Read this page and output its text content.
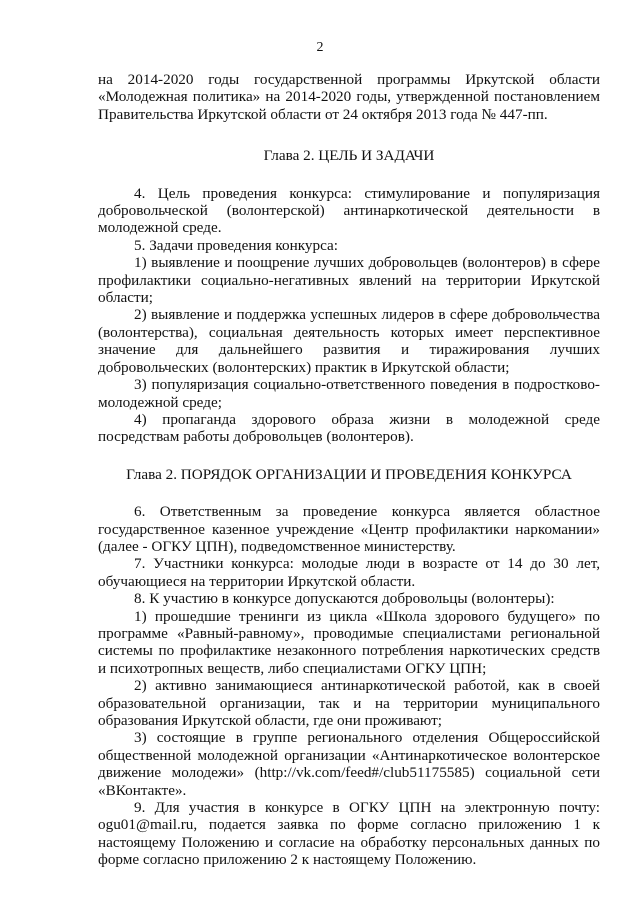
2

на 2014-2020 годы государственной программы Иркутской области «Молодежная политика» на 2014-2020 годы, утвержденной постановлением Правительства Иркутской области от 24 октября 2013 года № 447-пп.

Глава 2. ЦЕЛЬ И ЗАДАЧИ

4. Цель проведения конкурса: стимулирование и популяризация добровольческой (волонтерской) антинаркотической деятельности в молодежной среде.

5. Задачи проведения конкурса:

1) выявление и поощрение лучших добровольцев (волонтеров) в сфере профилактики социально-негативных явлений на территории Иркутской области;

2) выявление и поддержка успешных лидеров в сфере добровольчества (волонтерства), социальная деятельность которых имеет перспективное значение для дальнейшего развития и тиражирования лучших добровольческих (волонтерских) практик в Иркутской области;

3) популяризация социально-ответственного поведения в подростково-молодежной среде;

4) пропаганда здорового образа жизни в молодежной среде посредствам работы добровольцев (волонтеров).

Глава 2. ПОРЯДОК ОРГАНИЗАЦИИ И ПРОВЕДЕНИЯ КОНКУРСА

6. Ответственным за проведение конкурса является областное государственное казенное учреждение «Центр профилактики наркомании» (далее - ОГКУ ЦПН), подведомственное министерству.

7. Участники конкурса: молодые люди в возрасте от 14 до 30 лет, обучающиеся на территории Иркутской области.

8. К участию в конкурсе допускаются добровольцы (волонтеры):

1) прошедшие тренинги из цикла «Школа здорового будущего» по программе «Равный-равному», проводимые специалистами региональной системы по профилактике незаконного потребления наркотических средств и психотропных веществ, либо специалистами ОГКУ ЦПН;

2) активно занимающиеся антинаркотической работой, как в своей образовательной организации, так и на территории муниципального образования Иркутской области, где они проживают;

3) состоящие в группе регионального отделения Общероссийской общественной молодежной организации «Антинаркотическое волонтерское движение молодежи» (http://vk.com/feed#/club51175585) социальной сети «ВКонтакте».

9. Для участия в конкурсе в ОГКУ ЦПН на электронную почту: ogu01@mail.ru, подается заявка по форме согласно приложению 1 к настоящему Положению и согласие на обработку персональных данных по форме согласно приложению 2 к настоящему Положению.
